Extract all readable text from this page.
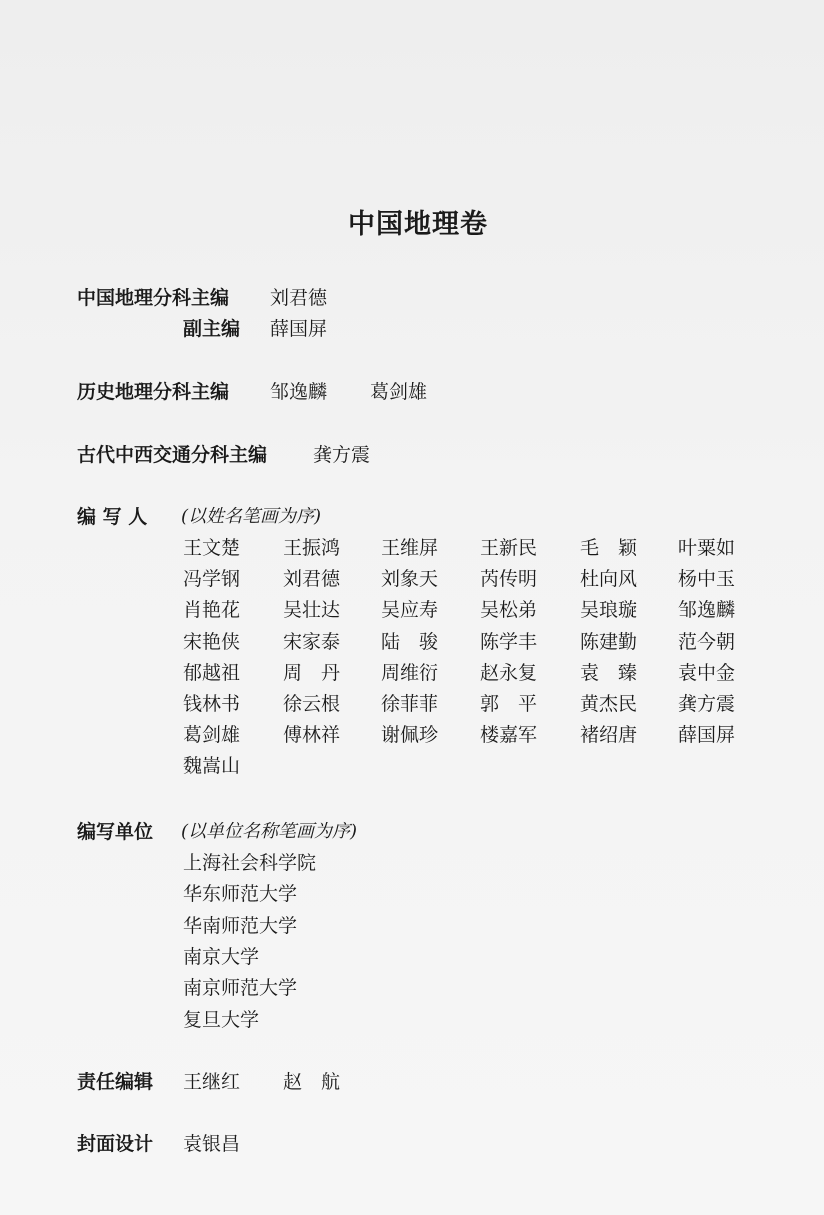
中国地理卷
中国地理分科主编 刘君德
副主编 薛国屏
历史地理分科主编 邹逸麟 葛剑雄
古代中西交通分科主编 龚方震
编 写 人 (以姓名笔画为序)
王文楚 王振鸿 王维屏 王新民 毛　颖 叶粟如
冯学钢 刘君德 刘象天 芮传明 杜向风 杨中玉
肖艳花 吴壮达 吴应寿 吴松弟 吴琅璇 邹逸麟
宋艳侠 宋家泰 陆　骏 陈学丰 陈建勤 范今朝
郁越祖 周　丹 周维衍 赵永复 袁　臻 袁中金
钱林书 徐云根 徐菲菲 郭　平 黄杰民 龚方震
葛剑雄 傅林祥 谢佩珍 楼嘉军 褚绍唐 薛国屏
魏嵩山
编写单位 (以单位名称笔画为序)
上海社会科学院
华东师范大学
华南师范大学
南京大学
南京师范大学
复旦大学
责任编辑 王继红 赵　航
封面设计 袁银昌
